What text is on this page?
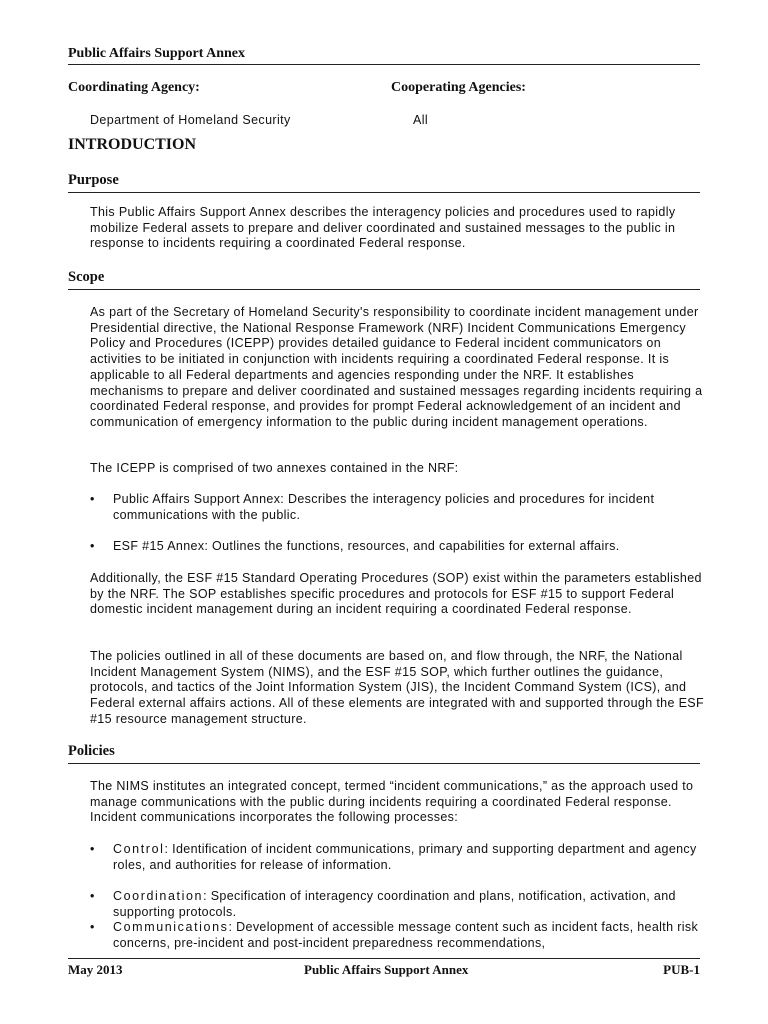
Public Affairs Support Annex
Coordinating Agency:	Cooperating Agencies:
Department of Homeland Security	All
INTRODUCTION
Purpose

This Public Affairs Support Annex describes the interagency policies and procedures used to rapidly mobilize Federal assets to prepare and deliver coordinated and sustained messages to the public in response to incidents requiring a coordinated Federal response.

Scope

As part of the Secretary of Homeland Security's responsibility to coordinate incident management under Presidential directive, the National Response Framework (NRF) Incident Communications Emergency Policy and Procedures (ICEPP) provides detailed guidance to Federal incident communicators on activities to be initiated in conjunction with incidents requiring a coordinated Federal response. It is applicable to all Federal departments and agencies responding under the NRF. It establishes mechanisms to prepare and deliver coordinated and sustained messages regarding incidents requiring a coordinated Federal response, and provides for prompt Federal acknowledgement of an incident and communication of emergency information to the public during incident management operations.

The ICEPP is comprised of two annexes contained in the NRF:

•	Public Affairs Support Annex: Describes the interagency policies and procedures for incident communications with the public.
•	ESF #15 Annex: Outlines the functions, resources, and capabilities for external affairs.

Additionally, the ESF #15 Standard Operating Procedures (SOP) exist within the parameters established by the NRF. The SOP establishes specific procedures and protocols for ESF #15 to support Federal domestic incident management during an incident requiring a coordinated Federal response.

The policies outlined in all of these documents are based on, and flow through, the NRF, the National Incident Management System (NIMS), and the ESF #15 SOP, which further outlines the guidance, protocols, and tactics of the Joint Information System (JIS), the Incident Command System (ICS), and Federal external affairs actions. All of these elements are integrated with and supported through the ESF #15 resource management structure.

Policies

The NIMS institutes an integrated concept, termed “incident communications,” as the approach used to manage communications with the public during incidents requiring a coordinated Federal response. Incident communications incorporates the following processes:

•	Control: Identification of incident communications, primary and supporting department and agency roles, and authorities for release of information.
•	Coordination: Specification of interagency coordination and plans, notification, activation, and supporting protocols.
•	Communications: Development of accessible message content such as incident facts, health risk concerns, pre-incident and post-incident preparedness recommendations,
May 2013	Public Affairs Support Annex	PUB-1
